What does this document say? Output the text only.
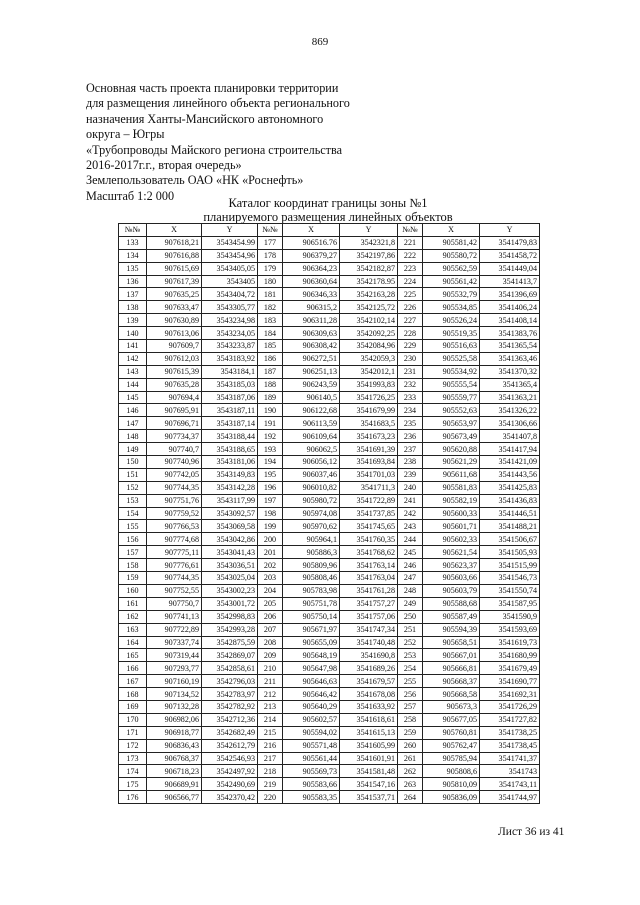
869
Основная часть проекта планировки территории
для размещения линейного объекта регионального
назначения Ханты-Мансийского автономного
округа – Югры
«Трубопроводы Майского региона строительства
2016-2017г.г., вторая очередь»
Землепользователь ОАО «НК «Роснефть»
Масштаб 1:2 000
Каталог координат границы зоны №1
планируемого размещения линейных объектов
№№	X	Y	№№	X	Y	№№	X	Y
133	907618,21	3543454.99	177	906516.76	3542321,8	221	905581,42	3541479,83
134	907616,88	3543454,96	178	906379,27	3542197,86	222	905580,72	3541458,72
135	907615,69	3543405,05	179	906364,23	3542182,87	223	905562,59	3541449,04
136	907617,39	3543405	180	906360,64	3542178.95	224	905561,42	3541413,7
137	907635,25	3543404,72	181	906346,33	3542163,28	225	905532,79	3541396,69
138	907633,47	3543305,77	182	906315,2	3542125,72	226	905534,85	3541406,24
139	907630,89	3543234,98	183	906311,28	3542102,14	227	905526,24	3541408,14
140	907613,06	3543234,05	184	906309,63	3542092,25	228	905519,35	3541383,76
141	907609,7	3543233,87	185	906308,42	3542084,96	229	905516,63	3541365,54
142	907612,03	3543183,92	186	906272,51	3542059,3	230	905525,58	3541363,46
143	907615,39	3543184,1	187	906251,13	3542012,1	231	905534,92	3541370,32
144	907635,28	3543185,03	188	906243,59	3541993,83	232	905555,54	3541365,4
145	907694,4	3543187,06	189	906140,5	3541726,25	233	905559,77	3541363,21
146	907695,91	3543187,11	190	906122,68	3541679,99	234	905552,63	3541326,22
147	907696,71	3543187,14	191	906113,59	3541683,5	235	905653,97	3541306,66
148	907734,37	3543188,44	192	906109,64	3541673,23	236	905673,49	3541407,8
149	907740,7	3543188,65	193	906062,5	3541691,39	237	905620,88	3541417,94
150	907740,96	3543181,06	194	906056,12	3541693,84	238	905621,29	3541421,09
151	907742,05	3543149,83	195	906037,46	3541701,03	239	905611,68	3541443,56
152	907744,35	3543142,28	196	906010,82	3541711,3	240	905581,83	3541425,83
153	907751,76	3543117,99	197	905980,72	3541722,89	241	905582,19	3541436,83
154	907759,52	3543092,57	198	905974,08	3541737,85	242	905600,33	3541446,51
155	907766,53	3543069,58	199	905970,62	3541745,65	243	905601,71	3541488,21
156	907774,68	3543042,86	200	905964,1	3541760,35	244	905602,33	3541506,67
157	907775,11	3543041,43	201	905886,3	3541768,62	245	905621,54	3541505,93
158	907776,61	3543036,51	202	905809,96	3541763,14	246	905623,37	3541515,99
159	907744,35	3543025,04	203	905808,46	3541763,04	247	905603,66	3541546,73
160	907752,55	3543002,23	204	905783,98	3541761,28	248	905603,79	3541550,74
161	907750,7	3543001,72	205	905751,78	3541757,27	249	905588,68	3541587,95
162	907741,13	3542998,83	206	905750,14	3541757,06	250	905587,49	3541590,9
163	907722,89	3542993,28	207	905671,97	3541747,34	251	905594,39	3541593,69
164	907337,74	3542875,59	208	905655,09	3541740,48	252	905658,51	3541619,73
165	907319,44	3542869,07	209	905648,19	3541690,8	253	905667,01	3541680,99
166	907293,77	3542858,61	210	905647,98	3541689,26	254	905666,81	3541679,49
167	907160,19	3542796,03	211	905646,63	3541679,57	255	905668,37	3541690,77
168	907134,52	3542783,97	212	905646,42	3541678,08	256	905668,58	3541692,31
169	907132,28	3542782,92	213	905640,29	3541633,92	257	905673,3	3541726,29
170	906982,06	3542712,36	214	905602,57	3541618,61	258	905677,05	3541727,82
171	906918,77	3542682,49	215	905594,02	3541615,13	259	905760,81	3541738,25
172	906836,43	3542612,79	216	905571,48	3541605,99	260	905762,47	3541738,45
173	906768,37	3542546,93	217	905561,44	3541601,91	261	905785,94	3541741,37
174	906718,23	3542497,92	218	905569,73	3541581,48	262	905808,6	3541743
175	906689,91	3542490,69	219	905583,66	3541547,16	263	905810,09	3541743,11
176	906566,77	3542370,42	220	905583,35	3541537,71	264	905836,09	3541744,97
Лист 36 из 41
